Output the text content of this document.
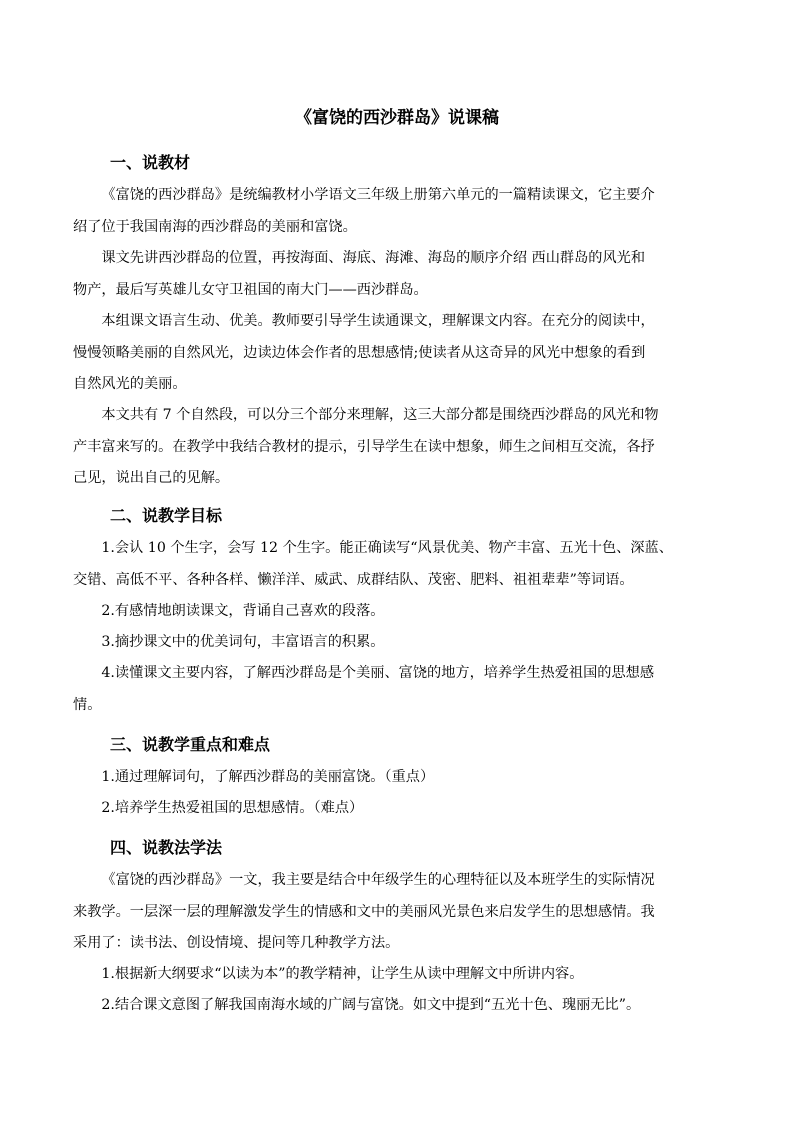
《富饶的西沙群岛》说课稿
一、说教材
《富饶的西沙群岛》是统编教材小学语文三年级上册第六单元的一篇精读课文，它主要介
绍了位于我国南海的西沙群岛的美丽和富饶。
课文先讲西沙群岛的位置，再按海面、海底、海滩、海岛的顺序介绍 西山群岛的风光和
物产，最后写英雄儿女守卫祖国的南大门——西沙群岛。
本组课文语言生动、优美。教师要引导学生读通课文，理解课文内容。在充分的阅读中，
慢慢领略美丽的自然风光，边读边体会作者的思想感情;使读者从这奇异的风光中想象的看到
自然风光的美丽。
本文共有 7 个自然段，可以分三个部分来理解，这三大部分都是围绕西沙群岛的风光和物
产丰富来写的。在教学中我结合教材的提示，引导学生在读中想象，师生之间相互交流，各抒
己见，说出自己的见解。
二、说教学目标
1.会认 10 个生字，会写 12 个生字。能正确读写“风景优美、物产丰富、五光十色、深蓝、
交错、高低不平、各种各样、懒洋洋、威武、成群结队、茂密、肥料、祖祖辈辈”等词语。
2.有感情地朗读课文，背诵自己喜欢的段落。
3.摘抄课文中的优美词句，丰富语言的积累。
4.读懂课文主要内容，了解西沙群岛是个美丽、富饶的地方，培养学生热爱祖国的思想感
情。
三、说教学重点和难点
1.通过理解词句，了解西沙群岛的美丽富饶。（重点）
2.培养学生热爱祖国的思想感情。（难点）
四、说教法学法
《富饶的西沙群岛》一文，我主要是结合中年级学生的心理特征以及本班学生的实际情况
来教学。一层深一层的理解激发学生的情感和文中的美丽风光景色来启发学生的思想感情。我
采用了：读书法、创设情境、提问等几种教学方法。
1.根据新大纲要求“以读为本”的教学精神，让学生从读中理解文中所讲内容。
2.结合课文意图了解我国南海水域的广阔与富饶。如文中提到“五光十色、瑰丽无比”。
